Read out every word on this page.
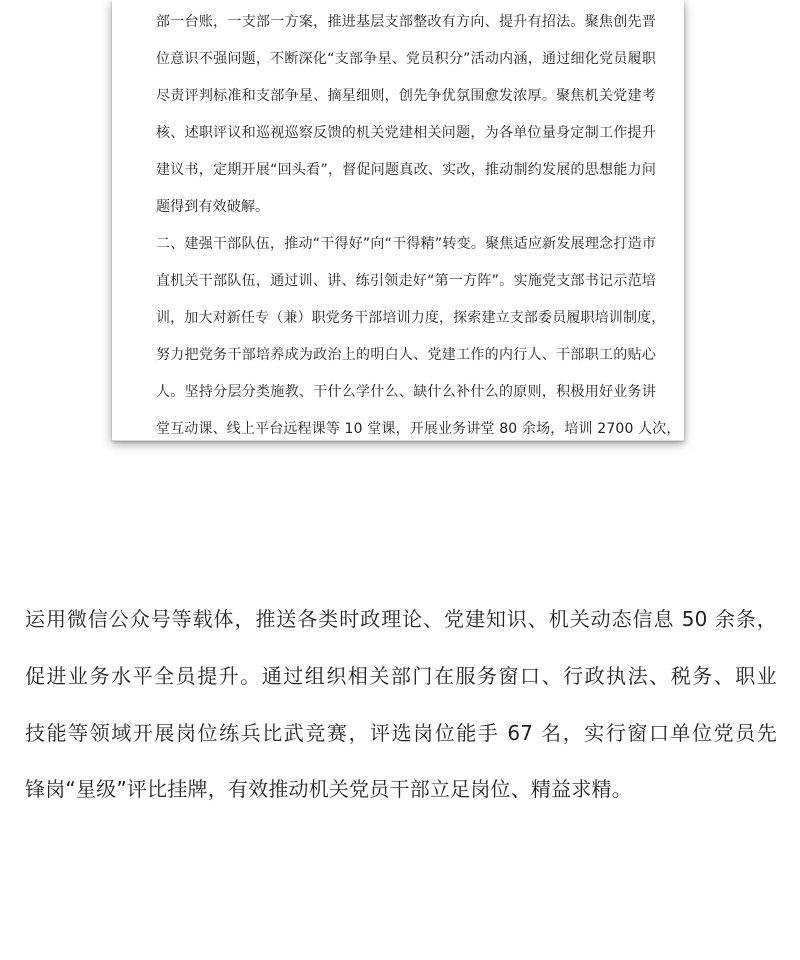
部一台账，一支部一方案，推进基层支部整改有方向、提升有招法。聚焦创先晋
位意识不强问题，不断深化“支部争星、党员积分”活动内涵，通过细化党员履职
尽责评判标准和支部争星、摘星细则，创先争优氛围愈发浓厚。聚焦机关党建考
核、述职评议和巡视巡察反馈的机关党建相关问题，为各单位量身定制工作提升
建议书，定期开展“回头看”，督促问题真改、实改，推动制约发展的思想能力问
题得到有效破解。
二、建强干部队伍，推动“干得好”向“干得精”转变。聚焦适应新发展理念打造市
直机关干部队伍，通过训、讲、练引领走好“第一方阵”。实施党支部书记示范培
训，加大对新任专（兼）职党务干部培训力度，探索建立支部委员履职培训制度，
努力把党务干部培养成为政治上的明白人、党建工作的内行人、干部职工的贴心
人。坚持分层分类施教、干什么学什么、缺什么补什么的原则，积极用好业务讲
堂互动课、线上平台远程课等 10 堂课，开展业务讲堂 80 余场，培训 2700 人次，
运用微信公众号等载体，推送各类时政理论、党建知识、机关动态信息 50 余条，
促进业务水平全员提升。通过组织相关部门在服务窗口、行政执法、税务、职业
技能等领域开展岗位练兵比武竞赛，评选岗位能手 67 名，实行窗口单位党员先
锋岗“星级”评比挂牌，有效推动机关党员干部立足岗位、精益求精。
